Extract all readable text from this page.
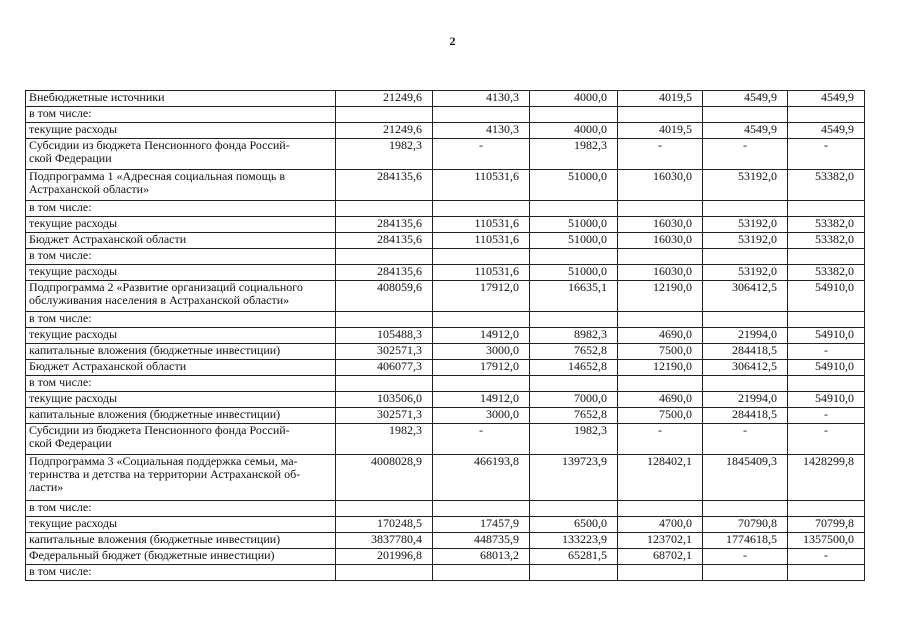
2
Внебюджетные источники	21249,6	4130,3	4000,0	4019,5	4549,9	4549,9
в том числе:						
текущие расходы	21249,6	4130,3	4000,0	4019,5	4549,9	4549,9
Субсидии из бюджета Пенсионного фонда Россий-
ской Федерации	1982,3	-	1982,3	-	-	-
Подпрограмма 1 «Адресная социальная помощь в
Астраханской области»	284135,6	110531,6	51000,0	16030,0	53192,0	53382,0
в том числе:						
текущие расходы	284135,6	110531,6	51000,0	16030,0	53192,0	53382,0
Бюджет Астраханской области	284135,6	110531,6	51000,0	16030,0	53192,0	53382,0
в том числе:						
текущие расходы	284135,6	110531,6	51000,0	16030,0	53192,0	53382,0
Подпрограмма 2 «Развитие организаций социального
обслуживания населения в Астраханской области»	408059,6	17912,0	16635,1	12190,0	306412,5	54910,0
в том числе:						
текущие расходы	105488,3	14912,0	8982,3	4690,0	21994,0	54910,0
капитальные вложения (бюджетные инвестиции)	302571,3	3000,0	7652,8	7500,0	284418,5	-
Бюджет Астраханской области	406077,3	17912,0	14652,8	12190,0	306412,5	54910,0
в том числе:						
текущие расходы	103506,0	14912,0	7000,0	4690,0	21994,0	54910,0
капитальные вложения (бюджетные инвестиции)	302571,3	3000,0	7652,8	7500,0	284418,5	-
Субсидии из бюджета Пенсионного фонда Россий-
ской Федерации	1982,3	-	1982,3	-	-	-
Подпрограмма 3 «Социальная поддержка семьи, ма-
теринства и детства на территории Астраханской об-
ласти»	4008028,9	466193,8	139723,9	128402,1	1845409,3	1428299,8
в том числе:						
текущие расходы	170248,5	17457,9	6500,0	4700,0	70790,8	70799,8
капитальные вложения (бюджетные инвестиции)	3837780,4	448735,9	133223,9	123702,1	1774618,5	1357500,0
Федеральный бюджет (бюджетные инвестиции)	201996,8	68013,2	65281,5	68702,1	-	-
в том числе:						
